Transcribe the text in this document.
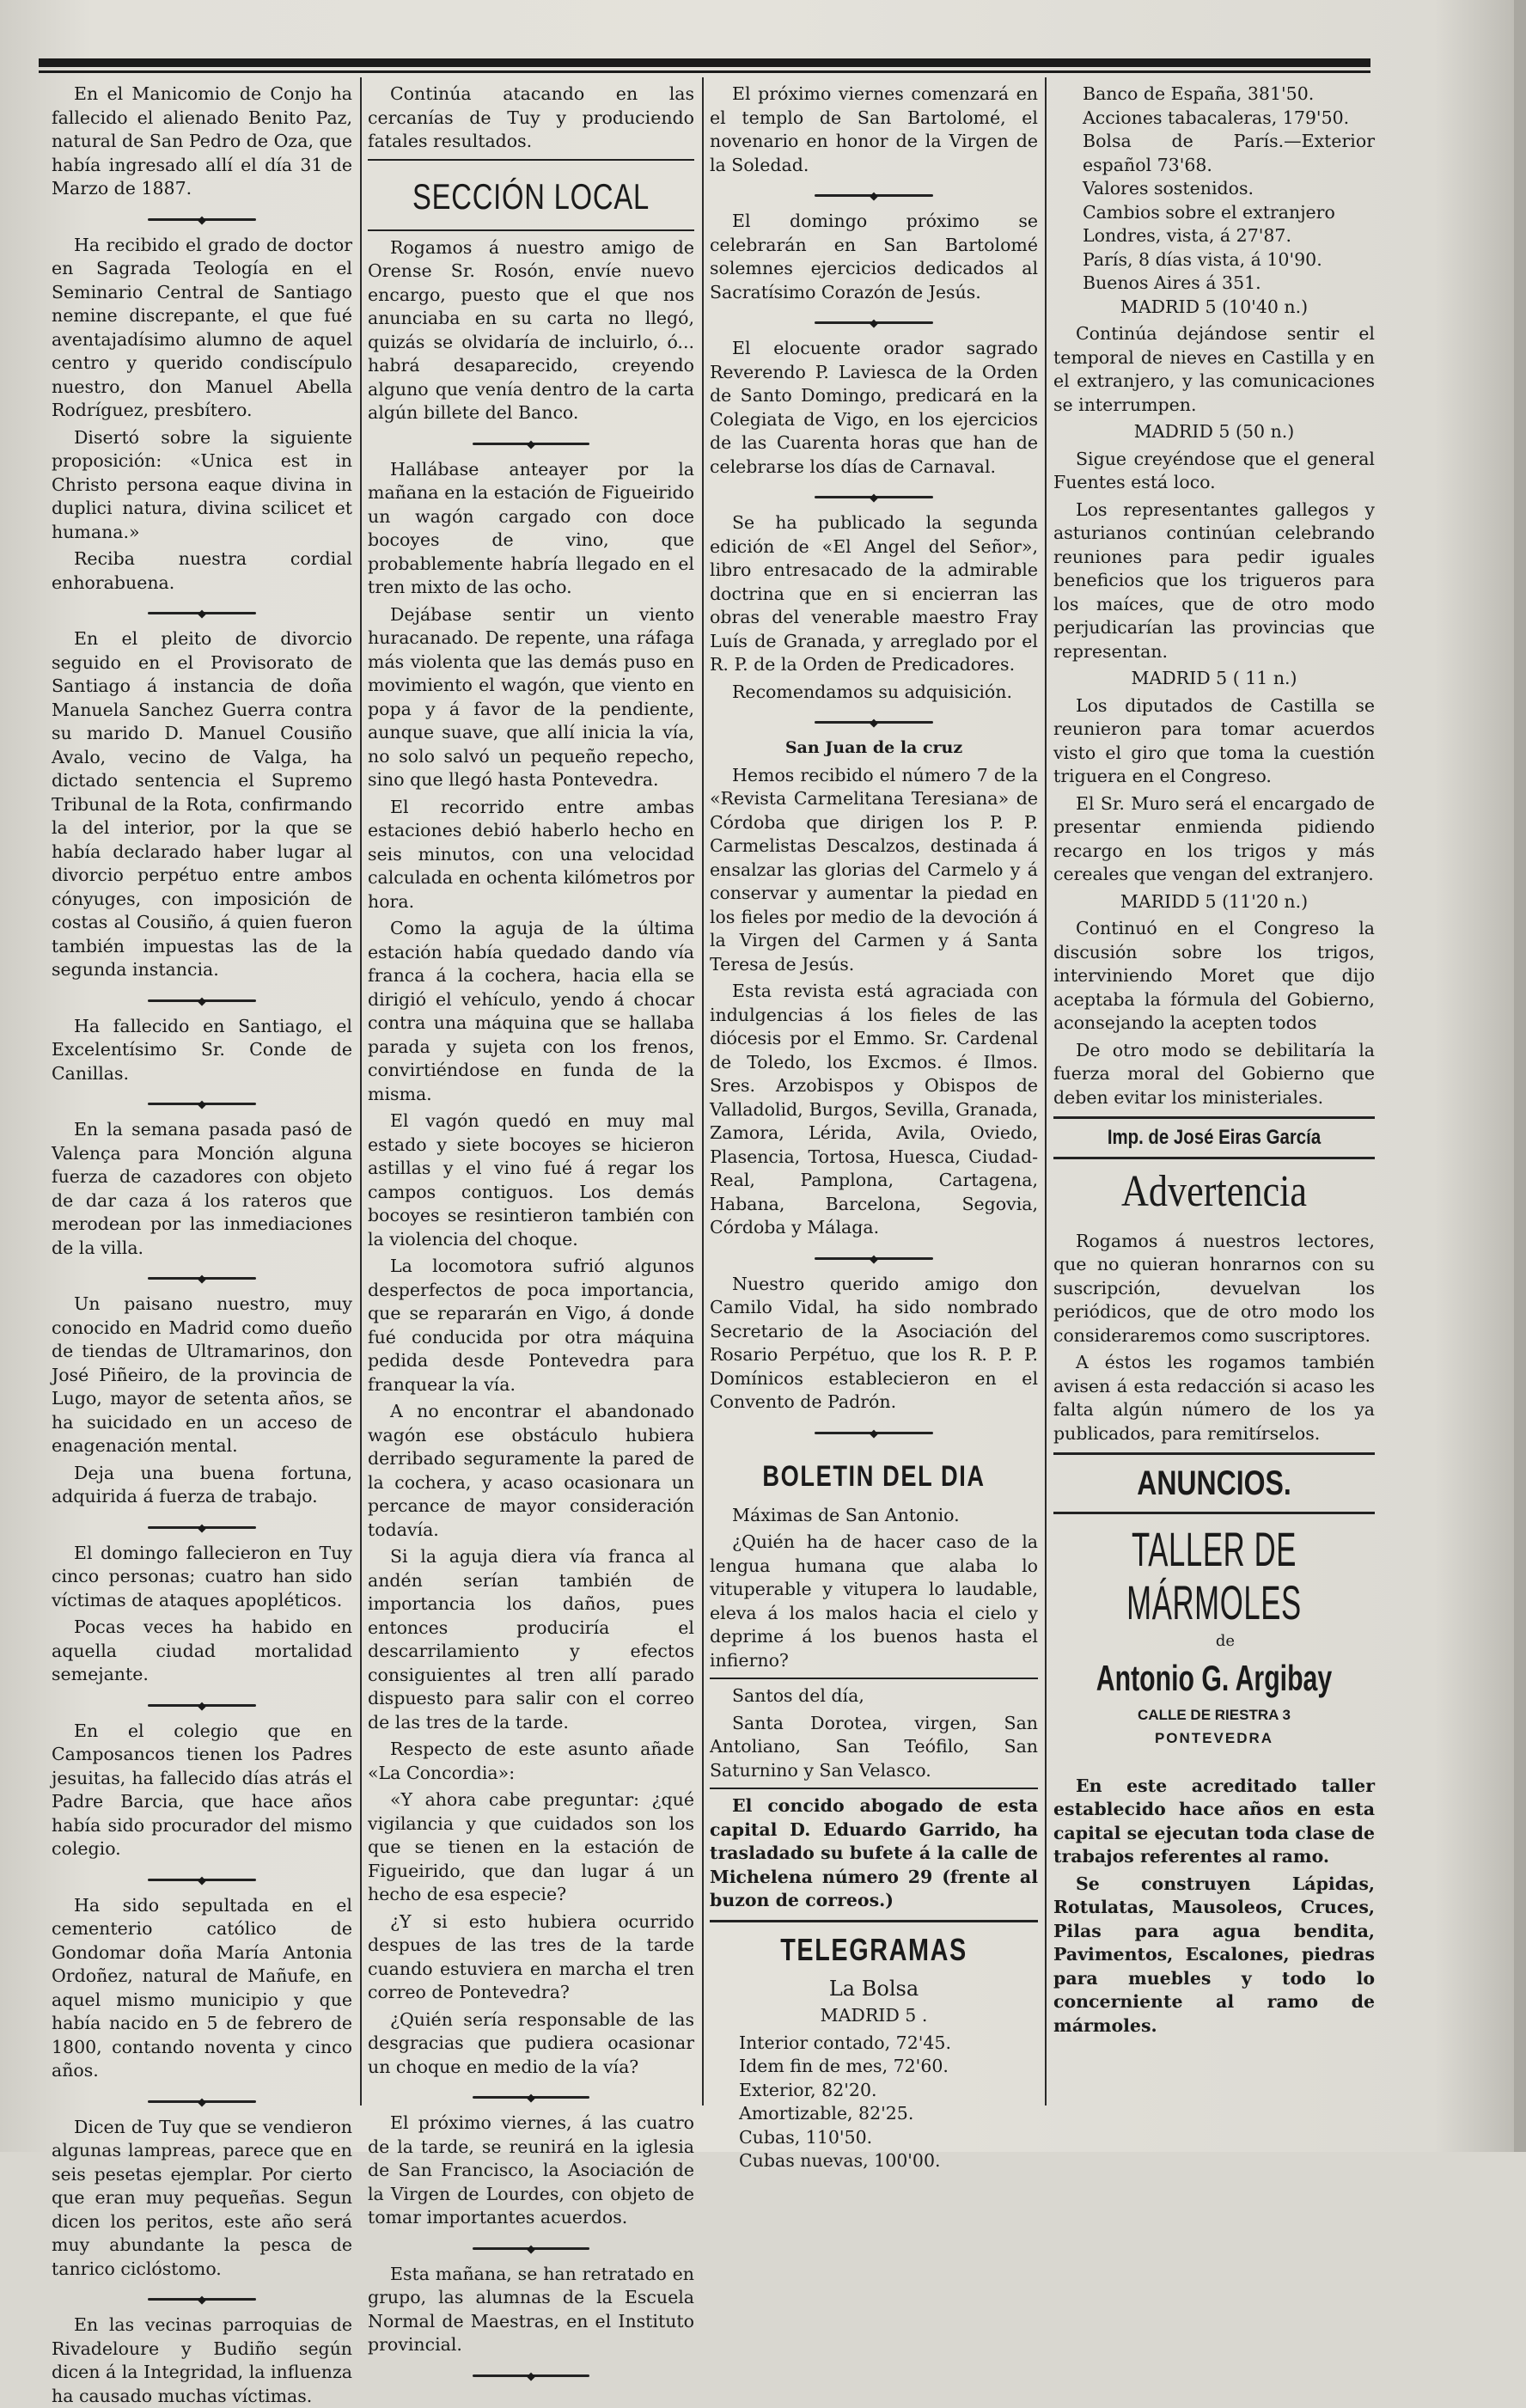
En el Manicomio de Conjo ha fallecido el alienado Benito Paz, natural de San Pedro de Oza, que había ingresado allí el día 31 de Marzo de 1887.

◆

Ha recibido el grado de doctor en Sagrada Teología en el Seminario Central de Santiago nemine discrepante, el que fué aventajadísimo alumno de aquel centro y querido condiscípulo nuestro, don Manuel Abella Rodríguez, presbítero.

Disertó sobre la siguiente proposición: «Unica est in Christo persona eaque divina in duplici natura, divina scilicet et humana.»

Reciba nuestra cordial enhorabuena.

◆

En el pleito de divorcio seguido en el Provisorato de Santiago á instancia de doña Manuela Sanchez Guerra contra su marido D. Manuel Cousiño Avalo, vecino de Valga, ha dictado sentencia el Supremo Tribunal de la Rota, confirmando la del interior, por la que se había declarado haber lugar al divorcio perpétuo entre ambos cónyuges, con imposición de costas al Cousiño, á quien fueron también impuestas las de la segunda instancia.

◆

Ha fallecido en Santiago, el Excelentísimo Sr. Conde de Canillas.

◆

En la semana pasada pasó de Valença para Monción alguna fuerza de cazadores con objeto de dar caza á los rateros que merodean por las inmediaciones de la villa.

◆

Un paisano nuestro, muy conocido en Madrid como dueño de tiendas de Ultramarinos, don José Piñeiro, de la provincia de Lugo, mayor de setenta años, se ha suicidado en un acceso de enagenación mental.

Deja una buena fortuna, adquirida á fuerza de trabajo.

◆

El domingo fallecieron en Tuy cinco personas; cuatro han sido víctimas de ataques apopléticos.

Pocas veces ha habido en aquella ciudad mortalidad semejante.

◆

En el colegio que en Camposancos tienen los Padres jesuitas, ha fallecido días atrás el Padre Barcia, que hace años había sido procurador del mismo colegio.

◆

Ha sido sepultada en el cementerio católico de Gondomar doña María Antonia Ordoñez, natural de Mañufe, en aquel mismo municipio y que había nacido en 5 de febrero de 1800, contando noventa y cinco años.

◆

Dicen de Tuy que se vendieron algunas lampreas, parece que en seis pesetas ejemplar. Por cierto que eran muy pequeñas. Segun dicen los peritos, este año será muy abundante la pesca de tanrico ciclóstomo.

◆

En las vecinas parroquias de Rivadeloure y Budiño según dicen á la Integridad, la influenza ha causado muchas víctimas.

Continúa atacando en las cercanías de Tuy y produciendo fatales resultados.

SECCIÓN LOCAL

Rogamos á nuestro amigo de Orense Sr. Rosón, envíe nuevo encargo, puesto que el que nos anunciaba en su carta no llegó, quizás se olvidaría de incluirlo, ó... habrá desaparecido, creyendo alguno que venía dentro de la carta algún billete del Banco.

◆

Hallábase anteayer por la mañana en la estación de Figueirido un wagón cargado con doce bocoyes de vino, que probablemente habría llegado en el tren mixto de las ocho.

Dejábase sentir un viento huracanado. De repente, una ráfaga más violenta que las demás puso en movimiento el wagón, que viento en popa y á favor de la pendiente, aunque suave, que allí inicia la vía, no solo salvó un pequeño repecho, sino que llegó hasta Pontevedra.

El recorrido entre ambas estaciones debió haberlo hecho en seis minutos, con una velocidad calculada en ochenta kilómetros por hora.

Como la aguja de la última estación había quedado dando vía franca á la cochera, hacia ella se dirigió el vehículo, yendo á chocar contra una máquina que se hallaba parada y sujeta con los frenos, convirtiéndose en funda de la misma.

El vagón quedó en muy mal estado y siete bocoyes se hicieron astillas y el vino fué á regar los campos contiguos. Los demás bocoyes se resintieron también con la violencia del choque.

La locomotora sufrió algunos desperfectos de poca importancia, que se repararán en Vigo, á donde fué conducida por otra máquina pedida desde Pontevedra para franquear la vía.

A no encontrar el abandonado wagón ese obstáculo hubiera derribado seguramente la pared de la cochera, y acaso ocasionara un percance de mayor consideración todavía.

Si la aguja diera vía franca al andén serían también de importancia los daños, pues entonces produciría el descarrilamiento y efectos consiguientes al tren allí parado dispuesto para salir con el correo de las tres de la tarde.

Respecto de este asunto añade «La Concordia»:

«Y ahora cabe preguntar: ¿qué vigilancia y que cuidados son los que se tienen en la estación de Figueirido, que dan lugar á un hecho de esa especie?

¿Y si esto hubiera ocurrido despues de las tres de la tarde cuando estuviera en marcha el tren correo de Pontevedra?

¿Quién sería responsable de las desgracias que pudiera ocasionar un choque en medio de la vía?

◆

El próximo viernes, á las cuatro de la tarde, se reunirá en la iglesia de San Francisco, la Asociación de la Virgen de Lourdes, con objeto de tomar importantes acuerdos.

◆

Esta mañana, se han retratado en grupo, las alumnas de la Escuela Normal de Maestras, en el Instituto provincial.

◆

El próximo viernes comenzará en el templo de San Bartolomé, el novenario en honor de la Virgen de la Soledad.

◆

El domingo próximo se celebrarán en San Bartolomé solemnes ejercicios dedicados al Sacratísimo Corazón de Jesús.

◆

El elocuente orador sagrado Reverendo P. Laviesca de la Orden de Santo Domingo, predicará en la Colegiata de Vigo, en los ejercicios de las Cuarenta horas que han de celebrarse los días de Carnaval.

◆

Se ha publicado la segunda edición de «El Angel del Señor», libro entresacado de la admirable doctrina que en si encierran las obras del venerable maestro Fray Luís de Granada, y arreglado por el R. P. de la Orden de Predicadores.

Recomendamos su adquisición.

◆

San Juan de la cruz

Hemos recibido el número 7 de la «Revista Carmelitana Teresiana» de Córdoba que dirigen los P. P. Carmelistas Descalzos, destinada á ensalzar las glorias del Carmelo y á conservar y aumentar la piedad en los fieles por medio de la devoción á la Virgen del Carmen y á Santa Teresa de Jesús.

Esta revista está agraciada con indulgencias á los fieles de las diócesis por el Emmo. Sr. Cardenal de Toledo, los Excmos. é Ilmos. Sres. Arzobispos y Obispos de Valladolid, Burgos, Sevilla, Granada, Zamora, Lérida, Avila, Oviedo, Plasencia, Tortosa, Huesca, Ciudad-Real, Pamplona, Cartagena, Habana, Barcelona, Segovia, Córdoba y Málaga.

◆

Nuestro querido amigo don Camilo Vidal, ha sido nombrado Secretario de la Asociación del Rosario Perpétuo, que los R. P. P. Domínicos establecieron en el Convento de Padrón.

◆
BOLETIN DEL DIA

Máximas de San Antonio.

¿Quién ha de hacer caso de la lengua humana que alaba lo vituperable y vitupera lo laudable, eleva á los malos hacia el cielo y deprime á los buenos hasta el infierno?

Santos del día,

Santa Dorotea, virgen, San Antoliano, San Teófilo, San Saturnino y San Velasco.

El concido abogado de esta capital D. Eduardo Garrido, ha trasladado su bufete á la calle de Michelena número 29 (frente al buzon de correos.)

TELEGRAMAS
La Bolsa

MADRID 5 .

Interior contado, 72'45.

Idem fin de mes, 72'60.

Exterior, 82'20.

Amortizable, 82'25.

Cubas, 110'50.

Cubas nuevas, 100'00.

Banco de España, 381'50.

Acciones tabacaleras, 179'50.

Bolsa de París.—Exterior español 73'68.

Valores sostenidos.

Cambios sobre el extranjero

Londres, vista, á 27'87.

París, 8 días vista, á 10'90.

Buenos Aires á 351.

MADRID 5 (10'40 n.)

Continúa dejándose sentir el temporal de nieves en Castilla y en el extranjero, y las comunicaciones se interrumpen.

MADRID 5 (50 n.)

Sigue creyéndose que el general Fuentes está loco.

Los representantes gallegos y asturianos continúan celebrando reuniones para pedir iguales beneficios que los trigueros para los maíces, que de otro modo perjudicarían las provincias que representan.

MADRID 5 ( 11 n.)

Los diputados de Castilla se reunieron para tomar acuerdos visto el giro que toma la cuestión triguera en el Congreso.

El Sr. Muro será el encargado de presentar enmienda pidiendo recargo en los trigos y más cereales que vengan del extranjero.

MARIDD 5 (11'20 n.)

Continuó en el Congreso la discusión sobre los trigos, interviniendo Moret que dijo aceptaba la fórmula del Gobierno, aconsejando la acepten todos

De otro modo se debilitaría la fuerza moral del Gobierno que deben evitar los ministeriales.

Imp. de José Eiras García
Advertencia

Rogamos á nuestros lectores, que no quieran honrarnos con su suscripción, devuelvan los periódicos, que de otro modo los consideraremos como suscriptores.

A éstos les rogamos también avisen á esta redacción si acaso les falta algún número de los ya publicados, para remitírselos.

ANUNCIOS.
TALLER DE MÁRMOLES

de

Antonio G. Argibay
CALLE DE RIESTRA 3
PONTEVEDRA

En este acreditado taller establecido hace años en esta capital se ejecutan toda clase de trabajos referentes al ramo.

Se construyen Lápidas, Rotulatas, Mausoleos, Cruces, Pilas para agua bendita, Pavimentos, Escalones, piedras para muebles y todo lo concerniente al ramo de mármoles.
